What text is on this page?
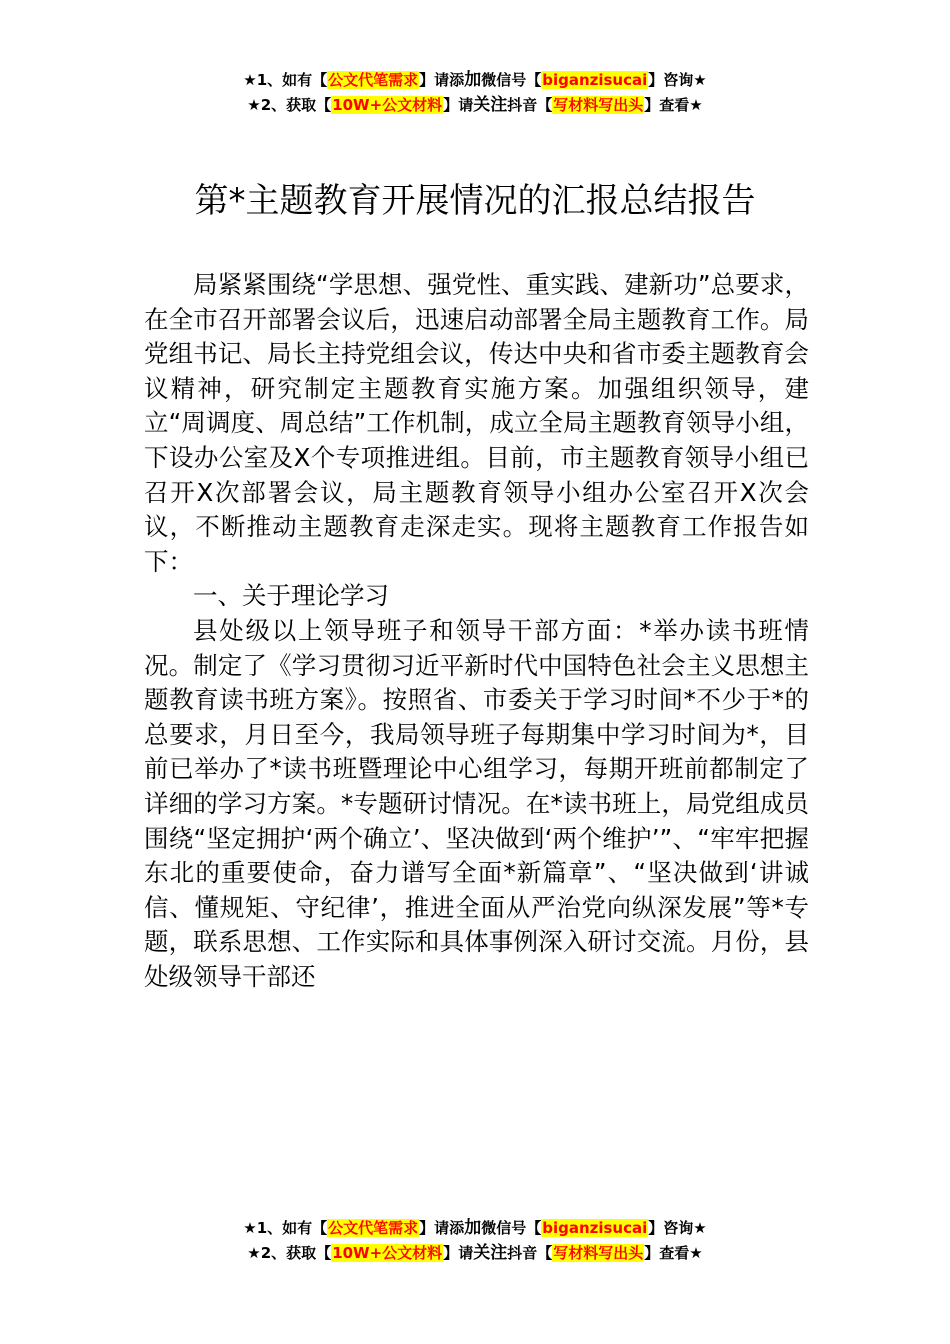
★1、如有【公文代笔需求】请添加微信号【biganzisucai】咨询★
★2、获取【10W+公文材料】请关注抖音【写材料写出头】查看★
第*主题教育开展情况的汇报总结报告

局紧紧围绕“学思想、强党性、重实践、建新功”总要求，在全市召开部署会议后，迅速启动部署全局主题教育工作。局党组书记、局长主持党组会议，传达中央和省市委主题教育会议精神，研究制定主题教育实施方案。加强组织领导，建立“周调度、周总结”工作机制，成立全局主题教育领导小组，下设办公室及X个专项推进组。目前，市主题教育领导小组已召开X次部署会议，局主题教育领导小组办公室召开X次会议，不断推动主题教育走深走实。现将主题教育工作报告如下：

一、关于理论学习

县处级以上领导班子和领导干部方面：*举办读书班情况。制定了《学习贯彻习近平新时代中国特色社会主义思想主题教育读书班方案》。按照省、市委关于学习时间*不少于*的总要求，月日至今，我局领导班子每期集中学习时间为*，目前已举办了*读书班暨理论中心组学习，每期开班前都制定了详细的学习方案。*专题研讨情况。在*读书班上，局党组成员围绕“坚定拥护‘两个确立’、坚决做到‘两个维护’”、“牢牢把握东北的重要使命，奋力谱写全面*新篇章”、“坚决做到‘讲诚信、懂规矩、守纪律’，推进全面从严治党向纵深发展”等*专题，联系思想、工作实际和具体事例深入研讨交流。月份，县处级领导干部还

★1、如有【公文代笔需求】请添加微信号【biganzisucai】咨询★
★2、获取【10W+公文材料】请关注抖音【写材料写出头】查看★
